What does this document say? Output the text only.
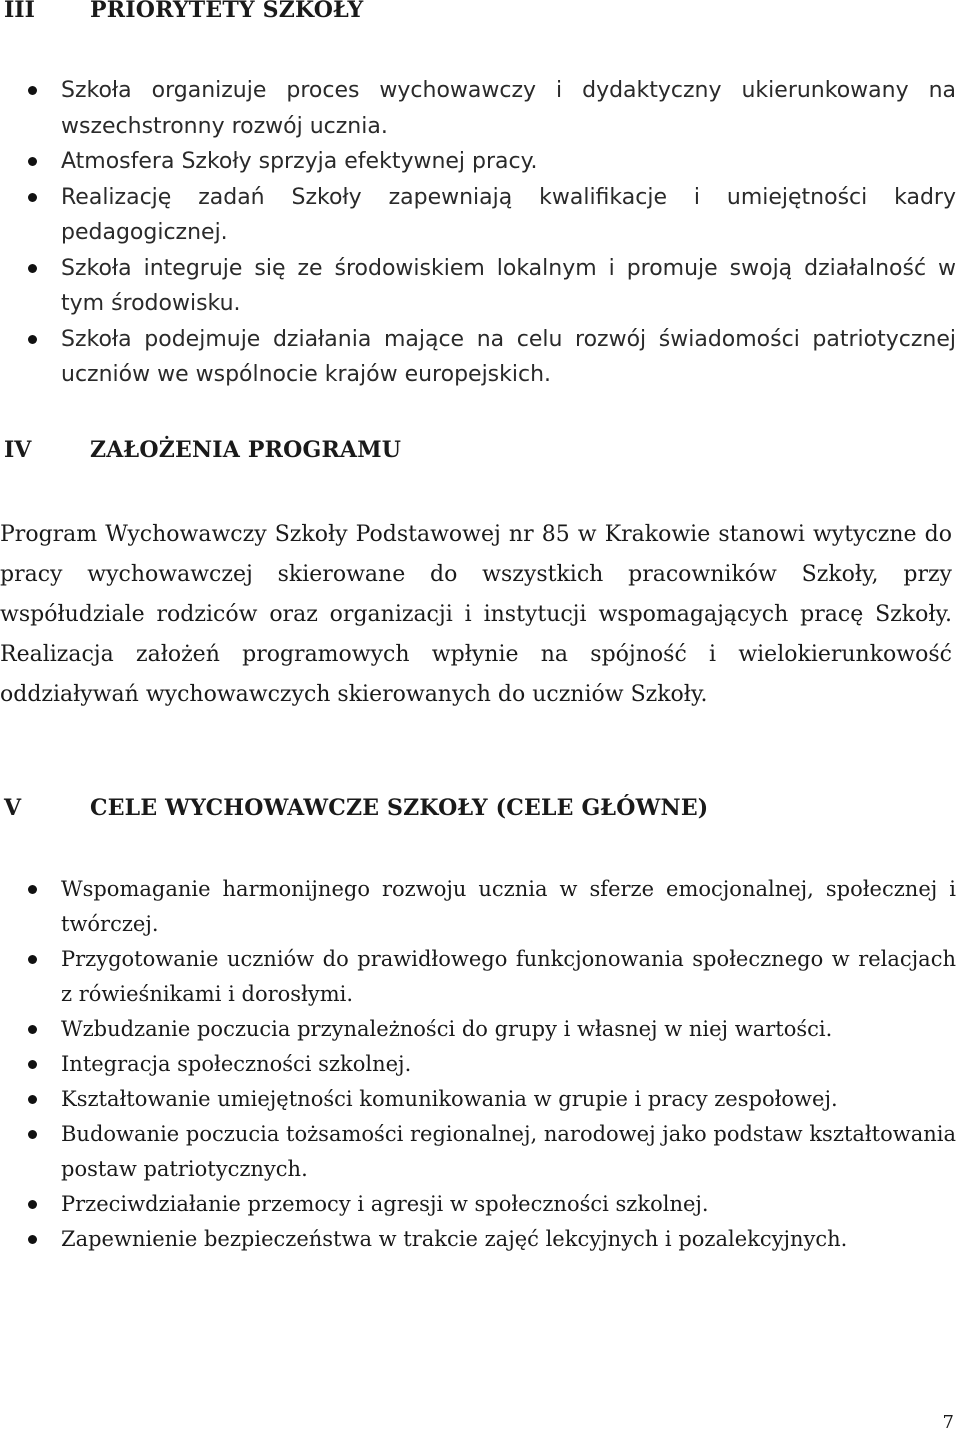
III	PRIORYTETY SZKOŁY
Szkoła organizuje proces wychowawczy i dydaktyczny ukierunkowany na wszechstronny rozwój ucznia.
Atmosfera Szkoły sprzyja efektywnej pracy.
Realizację zadań Szkoły zapewniają kwalifikacje i umiejętności kadry pedagogicznej.
Szkoła integruje się ze środowiskiem lokalnym i promuje swoją działalność w tym środowisku.
Szkoła podejmuje działania mające na celu rozwój świadomości patriotycznej uczniów we wspólnocie krajów europejskich.
IV	ZAŁOŻENIA PROGRAMU

Program Wychowawczy Szkoły Podstawowej nr 85 w Krakowie stanowi wytyczne do pracy wychowawczej skierowane do wszystkich pracowników Szkoły, przy współudziale rodziców oraz organizacji i instytucji wspomagających pracę Szkoły. Realizacja założeń programowych wpłynie na spójność i wielokierunkowość oddziaływań wychowawczych skierowanych do uczniów Szkoły.

V	CELE WYCHOWAWCZE SZKOŁY (CELE GŁÓWNE)
Wspomaganie harmonijnego rozwoju ucznia w sferze emocjonalnej, społecznej i twórczej.
Przygotowanie uczniów do prawidłowego funkcjonowania społecznego w relacjach z rówieśnikami i dorosłymi.
Wzbudzanie poczucia przynależności do grupy i własnej w niej wartości.
Integracja społeczności szkolnej.
Kształtowanie umiejętności komunikowania w grupie i pracy zespołowej.
Budowanie poczucia tożsamości regionalnej, narodowej jako podstaw kształtowania postaw patriotycznych.
Przeciwdziałanie przemocy i agresji w społeczności szkolnej.
Zapewnienie bezpieczeństwa w trakcie zajęć lekcyjnych i pozalekcyjnych.
7
